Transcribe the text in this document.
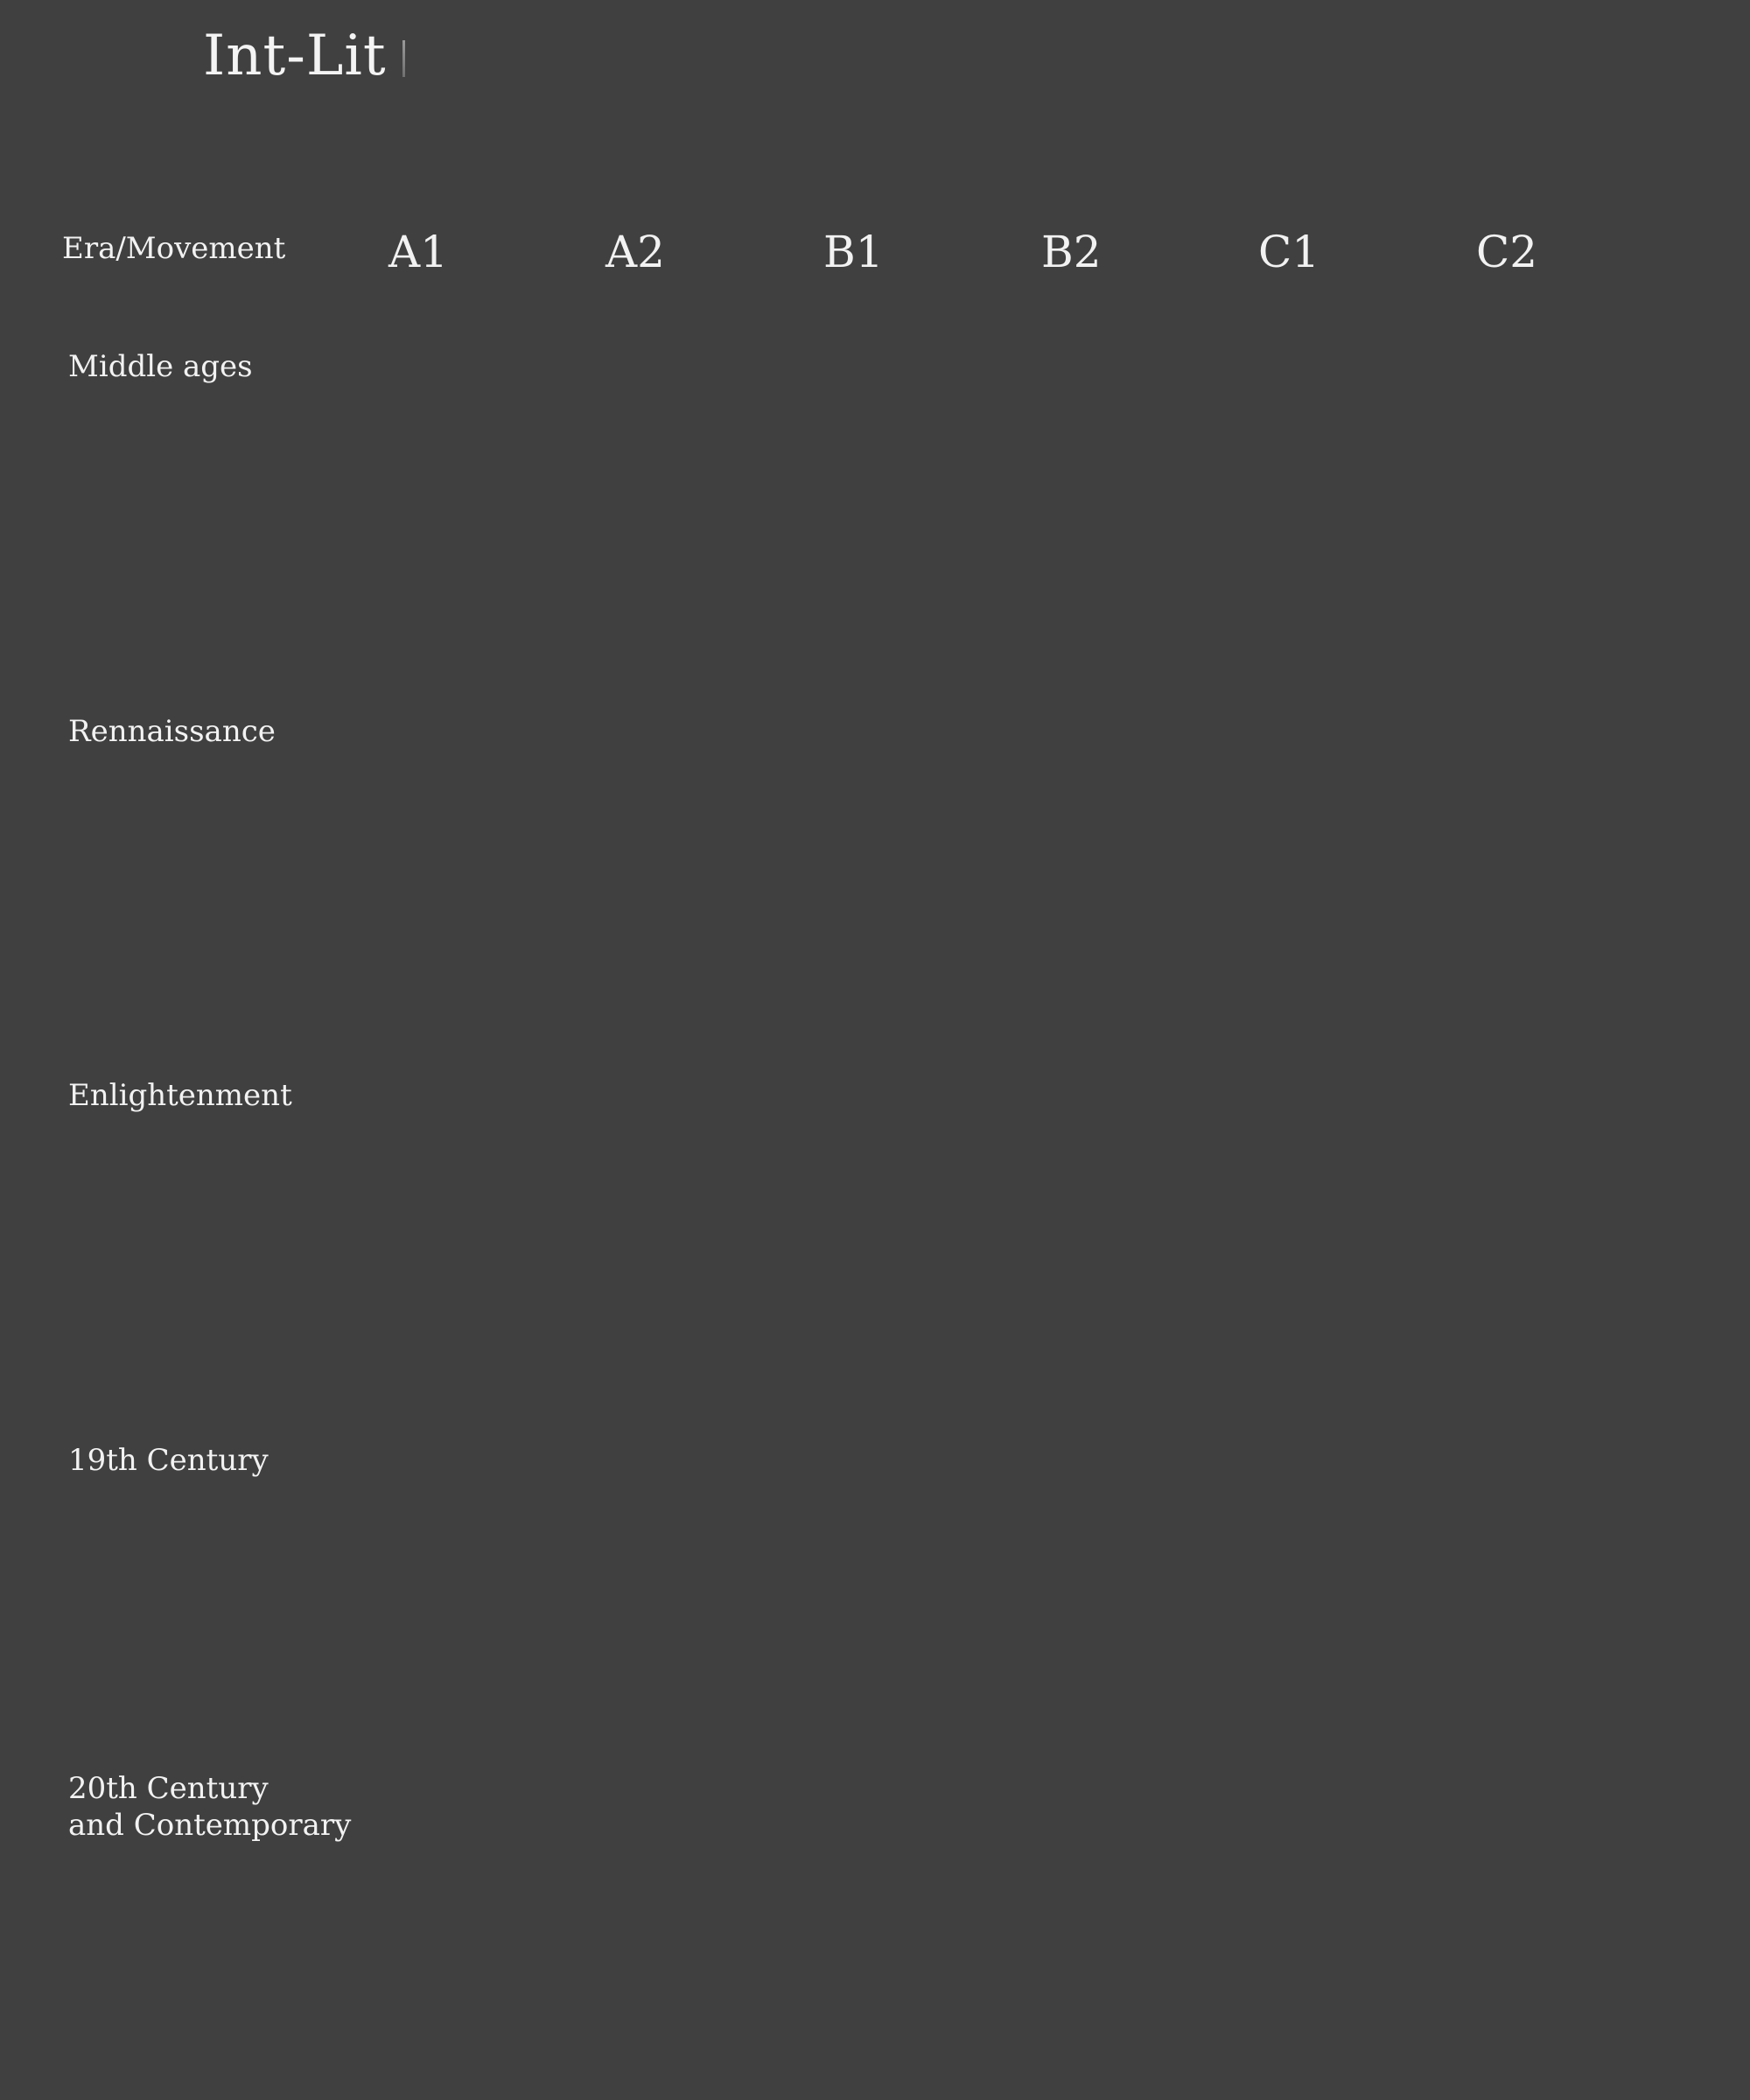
Int-Lit
Era/Movement A1	A2	B1	B2	C1	C2
Middle ages
Rennaissance
Enlightenment
19th Century
20th Century
and Contemporary
